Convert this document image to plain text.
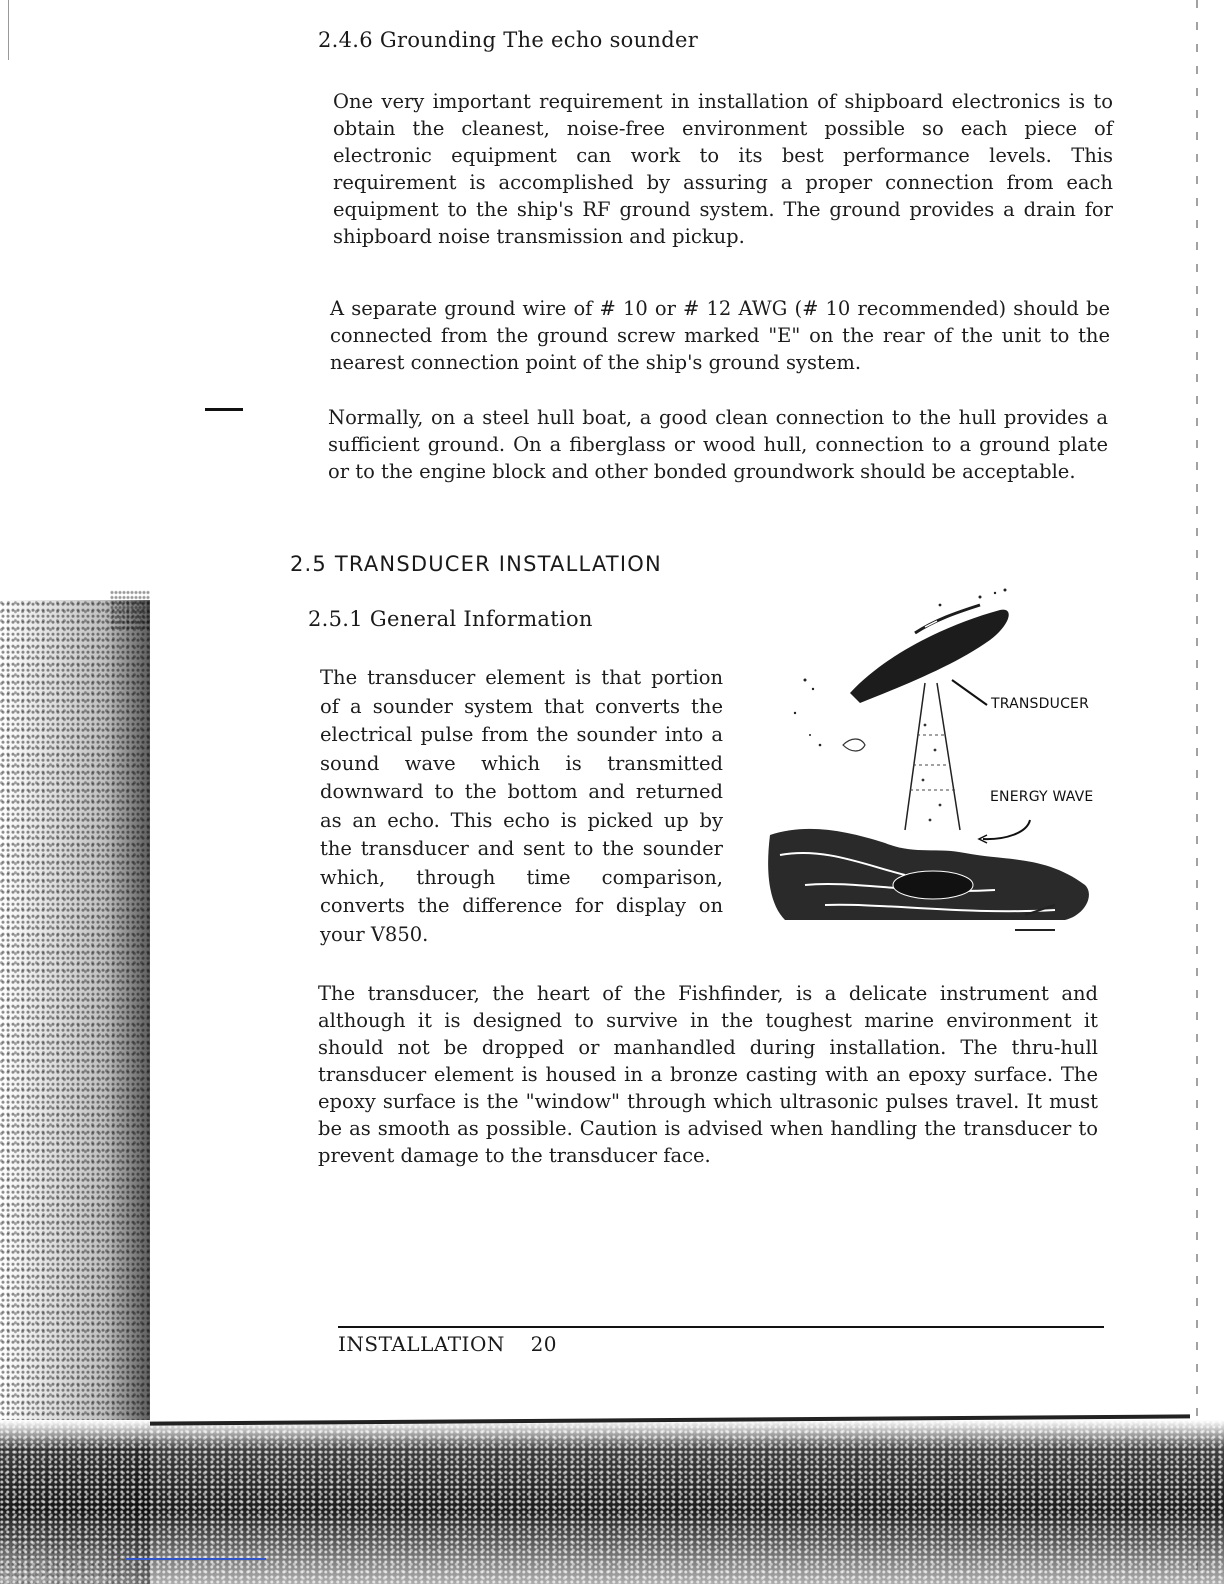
2.4.6 Grounding The echo sounder
One very important requirement in installation of shipboard electronics is to obtain the cleanest, noise-free environment possible so each piece of electronic equipment can work to its best performance levels. This requirement is accomplished by assuring a proper connection from each equipment to the ship's RF ground system. The ground provides a drain for shipboard noise transmission and pickup.
A separate ground wire of # 10 or # 12 AWG (# 10 recommended) should be connected from the ground screw marked "E" on the rear of the unit to the nearest connection point of the ship's ground system.
Normally, on a steel hull boat, a good clean connection to the hull provides a sufficient ground. On a fiberglass or wood hull, connection to a ground plate or to the engine block and other bonded groundwork should be acceptable.
2.5 TRANSDUCER INSTALLATION
2.5.1 General Information
The transducer element is that portion of a sounder system that converts the electrical pulse from the sounder into a sound wave which is transmitted downward to the bottom and returned as an echo. This echo is picked up by the transducer and sent to the sounder which, through time comparison, converts the difference for display on your V850.
TRANSDUCER
ENERGY WAVE
The transducer, the heart of the Fishfinder, is a delicate instrument and although it is designed to survive in the toughest marine environment it should not be dropped or manhandled during installation. The thru-hull transducer element is housed in a bronze casting with an epoxy surface. The epoxy surface is the "window" through which ultrasonic pulses travel. It must be as smooth as possible. Caution is advised when handling the transducer to prevent damage to the transducer face.
INSTALLATION 20
